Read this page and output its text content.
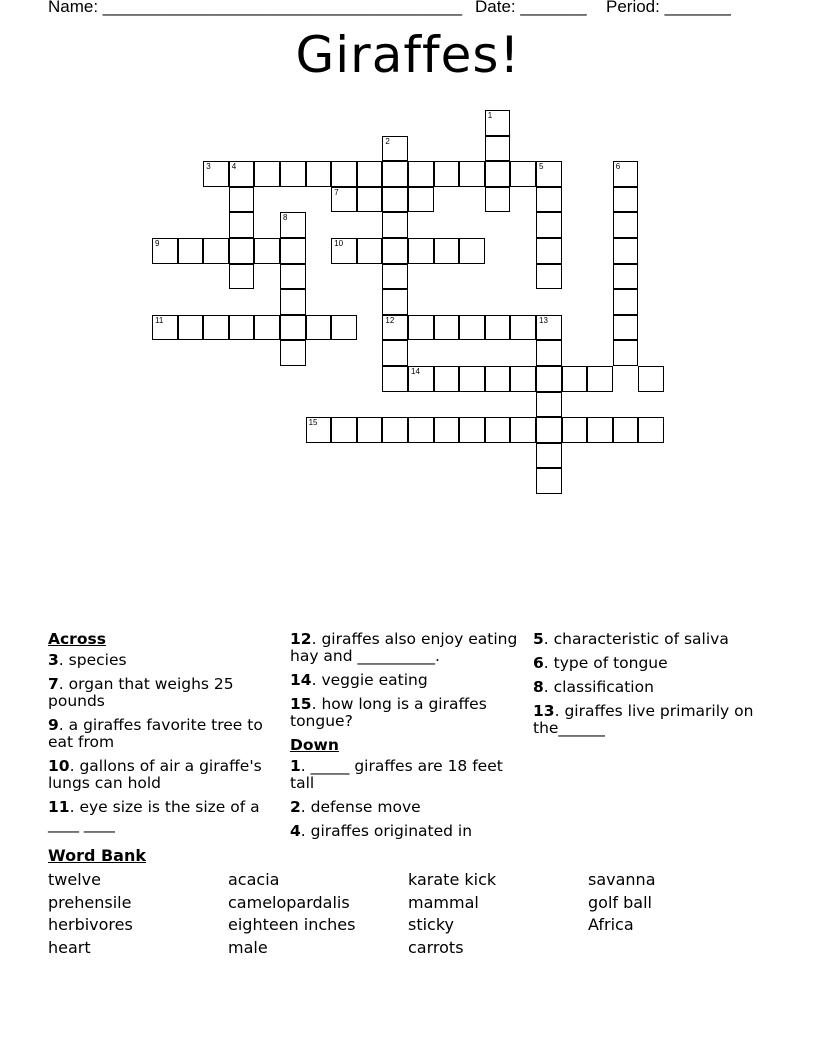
Name: ______________________________________ Date: _______ Period: _______
Giraffes!
1
2
12
3	4	5	6
7
8
9	10
11	13
14
15
Across
3. species
7. organ that weighs 25 pounds
9. a giraffes favorite tree to eat from
10. gallons of air a giraffe's lungs can hold
11. eye size is the size of a ____ ____
12. giraffes also enjoy eating hay and __________.
14. veggie eating
15. how long is a giraffes tongue?
Down
1. _____ giraffes are 18 feet tall
2. defense move
4. giraffes originated in
5. characteristic of saliva
6. type of tongue
8. classification
13. giraffes live primarily on the______
Word Bank
twelve
prehensile
herbivores
heart
acacia
camelopardalis
eighteen inches
male
karate kick
mammal
sticky
carrots
savanna
golf ball
Africa
